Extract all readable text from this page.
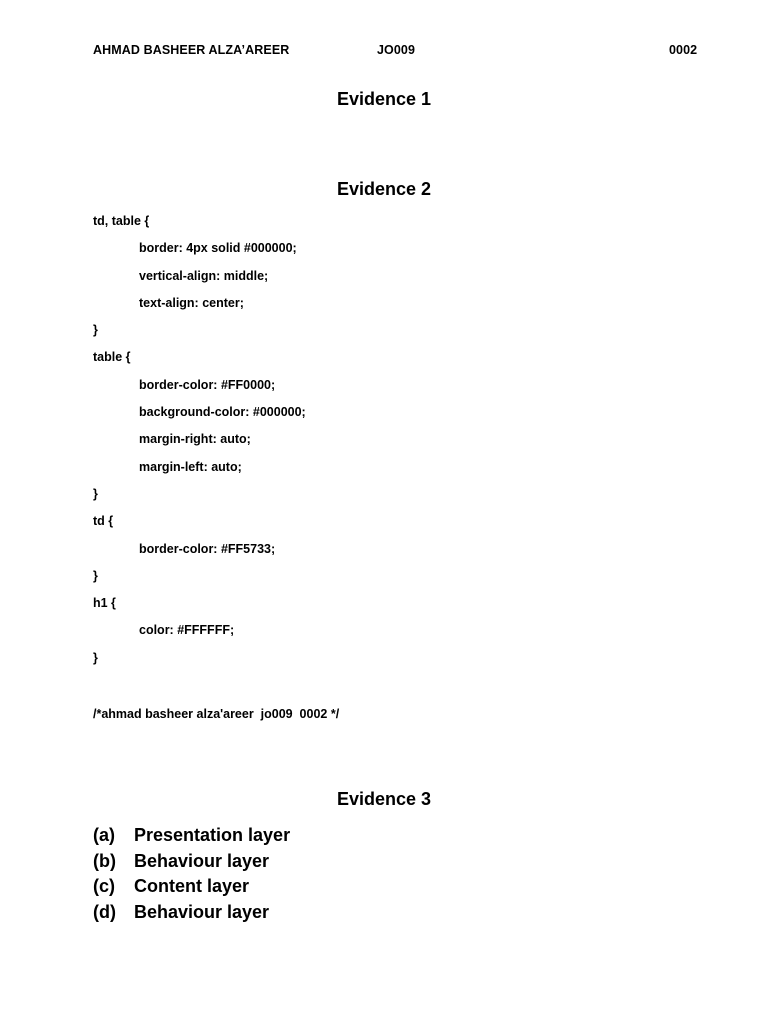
AHMAD BASHEER ALZA’AREER	JO009	0002
Evidence 1
Evidence 2
td, table {
border: 4px solid #000000;
vertical-align: middle;
text-align: center;
}
table {
border-color: #FF0000;
background-color: #000000;
margin-right: auto;
margin-left: auto;
}
td {
border-color: #FF5733;
}
h1 {
color: #FFFFFF;
}
/*ahmad basheer alza'areer  jo009  0002 */
Evidence 3
(a)	Presentation layer
(b)	Behaviour layer
(c)	Content layer
(d)	Behaviour layer
